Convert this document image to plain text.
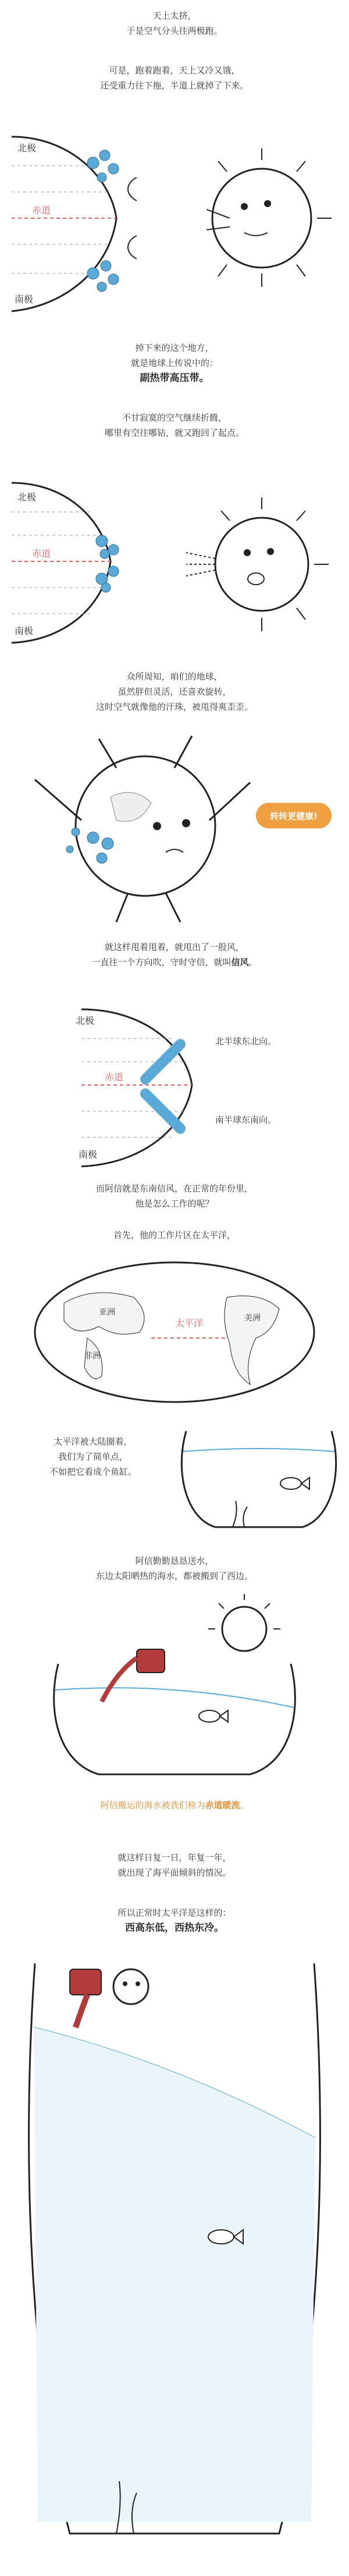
天上太挤，
于是空气分头往两极跑。
可是，跑着跑着，天上又冷又饿，
还受重力往下拖，半道上就掉了下来。
北极
赤道
南极
掉下来的这个地方，
就是地球上传说中的：
副热带高压带。
不甘寂寞的空气继续折腾，
哪里有空往哪钻，就又跑回了起点。
北极
赤道
南极
众所周知，咱们的地球，
虽然胖但灵活，还喜欢旋转，
这时空气就像他的汗珠，被甩得爽歪歪。
转转更健康!
就这样甩着甩着，就甩出了一股风，
一直往一个方向吹，守时守信，就叫信风。
北极
赤道
南极
北半球东北向。
南半球东南向。
而阿信就是东南信风，在正常的年份里，
他是怎么工作的呢？
首先，他的工作片区在太平洋，
太平洋
亚洲
非洲
美洲
太平洋被大陆圈着，
我们为了简单点，
不如把它看成个鱼缸。
阿信勤勤恳恳送水，
东边太阳晒热的海水，都被搬到了西边。
阿信搬运的海水被我们称为赤道暖流。
就这样日复一日，年复一年，
就出现了海平面倾斜的情况。
所以正常时太平洋是这样的：
西高东低，西热东冷。
